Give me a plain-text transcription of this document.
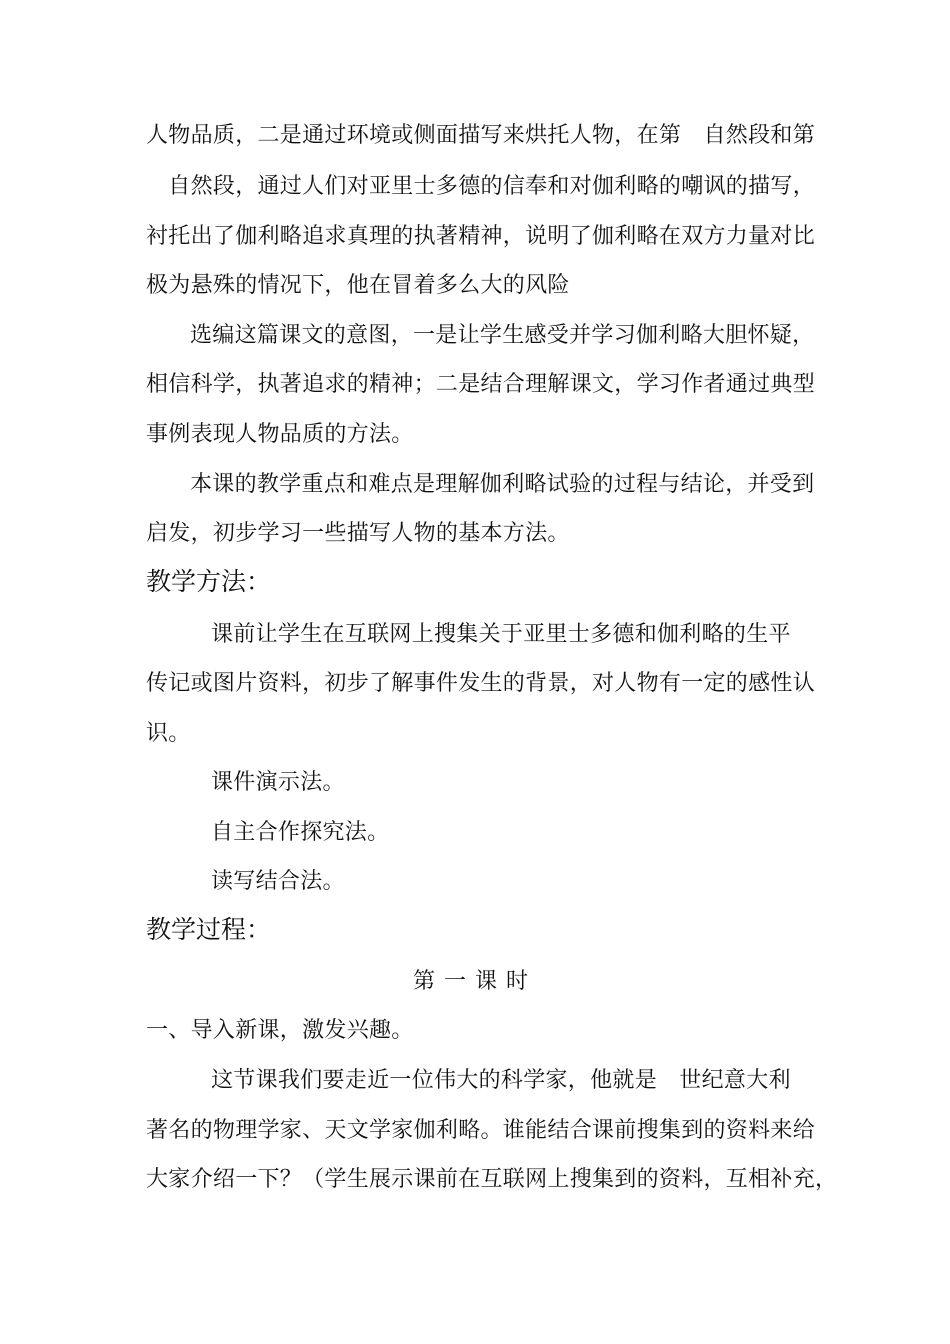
人物品质，二是通过环境或侧面描写来烘托人物，在第　自然段和第
　自然段，通过人们对亚里士多德的信奉和对伽利略的嘲讽的描写，
衬托出了伽利略追求真理的执著精神，说明了伽利略在双方力量对比
极为悬殊的情况下，他在冒着多么大的风险
选编这篇课文的意图，一是让学生感受并学习伽利略大胆怀疑，
相信科学，执著追求的精神；二是结合理解课文，学习作者通过典型
事例表现人物品质的方法。
本课的教学重点和难点是理解伽利略试验的过程与结论，并受到
启发，初步学习一些描写人物的基本方法。
教学方法：
课前让学生在互联网上搜集关于亚里士多德和伽利略的生平
传记或图片资料，初步了解事件发生的背景，对人物有一定的感性认
识。
课件演示法。
自主合作探究法。
读写结合法。
教学过程：
第一课时
一、导入新课，激发兴趣。
这节课我们要走近一位伟大的科学家，他就是　世纪意大利
著名的物理学家、天文学家伽利略。谁能结合课前搜集到的资料来给
大家介绍一下？（学生展示课前在互联网上搜集到的资料，互相补充，
